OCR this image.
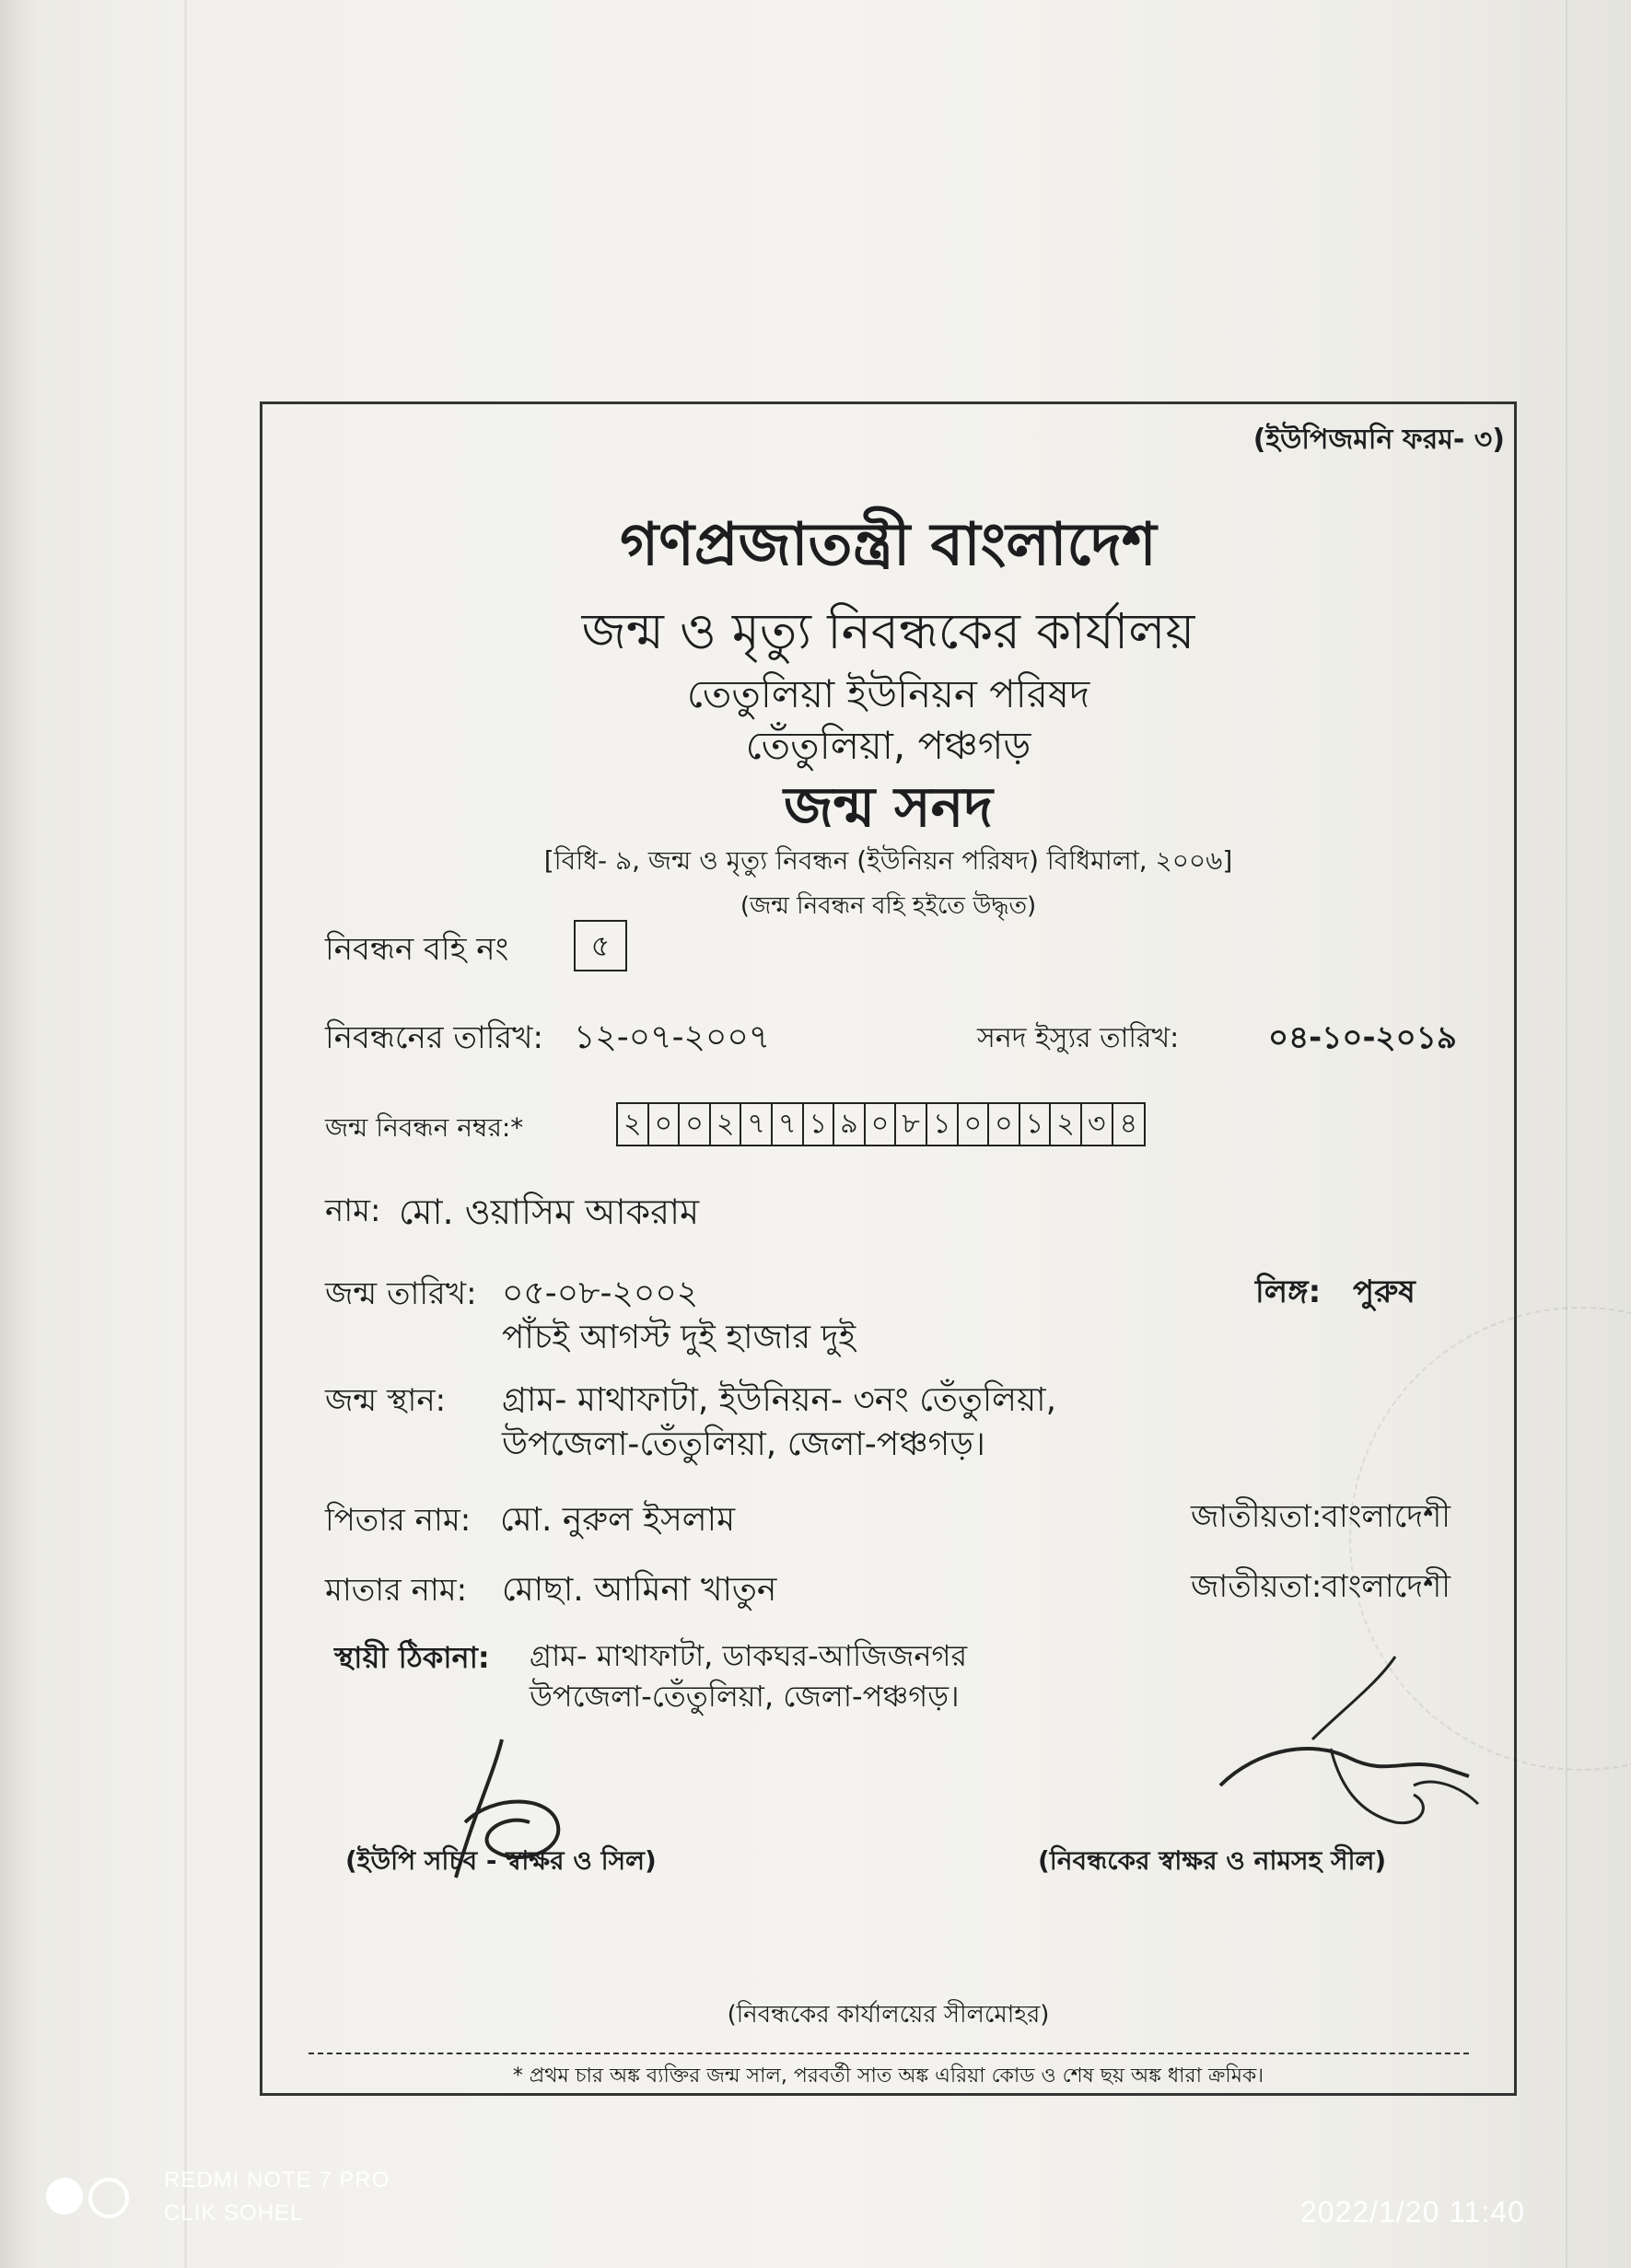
(ইউপিজমনি ফরম- ৩)
গণপ্রজাতন্ত্রী বাংলাদেশ
জন্ম ও মৃত্যু নিবন্ধকের কার্যালয়
তেতুলিয়া ইউনিয়ন পরিষদ
তেঁতুলিয়া, পঞ্চগড়
জন্ম সনদ
[বিধি- ৯, জন্ম ও মৃত্যু নিবন্ধন (ইউনিয়ন পরিষদ) বিধিমালা, ২০০৬]
(জন্ম নিবন্ধন বহি হইতে উদ্ধৃত)
নিবন্ধন বহি নং	৫
নিবন্ধনের তারিখ: ১২-০৭-২০০৭	সনদ ইস্যুর তারিখ:	০৪-১০-২০১৯
জন্ম নিবন্ধন নম্বর:*	২ ০ ০ ২ ৭ ৭ ১ ৯ ০ ৮ ১ ০ ০ ১ ২ ৩ ৪
নাম: মো. ওয়াসিম আকরাম
জন্ম তারিখ: ০৫-০৮-২০০২
পাঁচই আগস্ট দুই হাজার দুই
লিঙ্গ: পুরুষ
জন্ম স্থান: গ্রাম- মাথাফাটা, ইউনিয়ন- ৩নং তেঁতুলিয়া,
উপজেলা-তেঁতুলিয়া, জেলা-পঞ্চগড়।
পিতার নাম: মো. নুরুল ইসলাম	জাতীয়তা: বাংলাদেশী
মাতার নাম: মোছা. আমিনা খাতুন	জাতীয়তা: বাংলাদেশী
স্থায়ী ঠিকানা: গ্রাম- মাথাফাটা, ডাকঘর-আজিজনগর
উপজেলা-তেঁতুলিয়া, জেলা-পঞ্চগড়।
(ইউপি সচিব - স্বাক্ষর ও সিল)	(নিবন্ধকের স্বাক্ষর ও নামসহ সীল)
(নিবন্ধকের কার্যালয়ের সীলমোহর)
* প্রথম চার অঙ্ক ব্যক্তির জন্ম সাল, পরবর্তী সাত অঙ্ক এরিয়া কোড ও শেষ ছয় অঙ্ক ধারা ক্রমিক।
REDMI NOTE 7 PRO
CLIK SOHEL	2022/1/20 11:40
